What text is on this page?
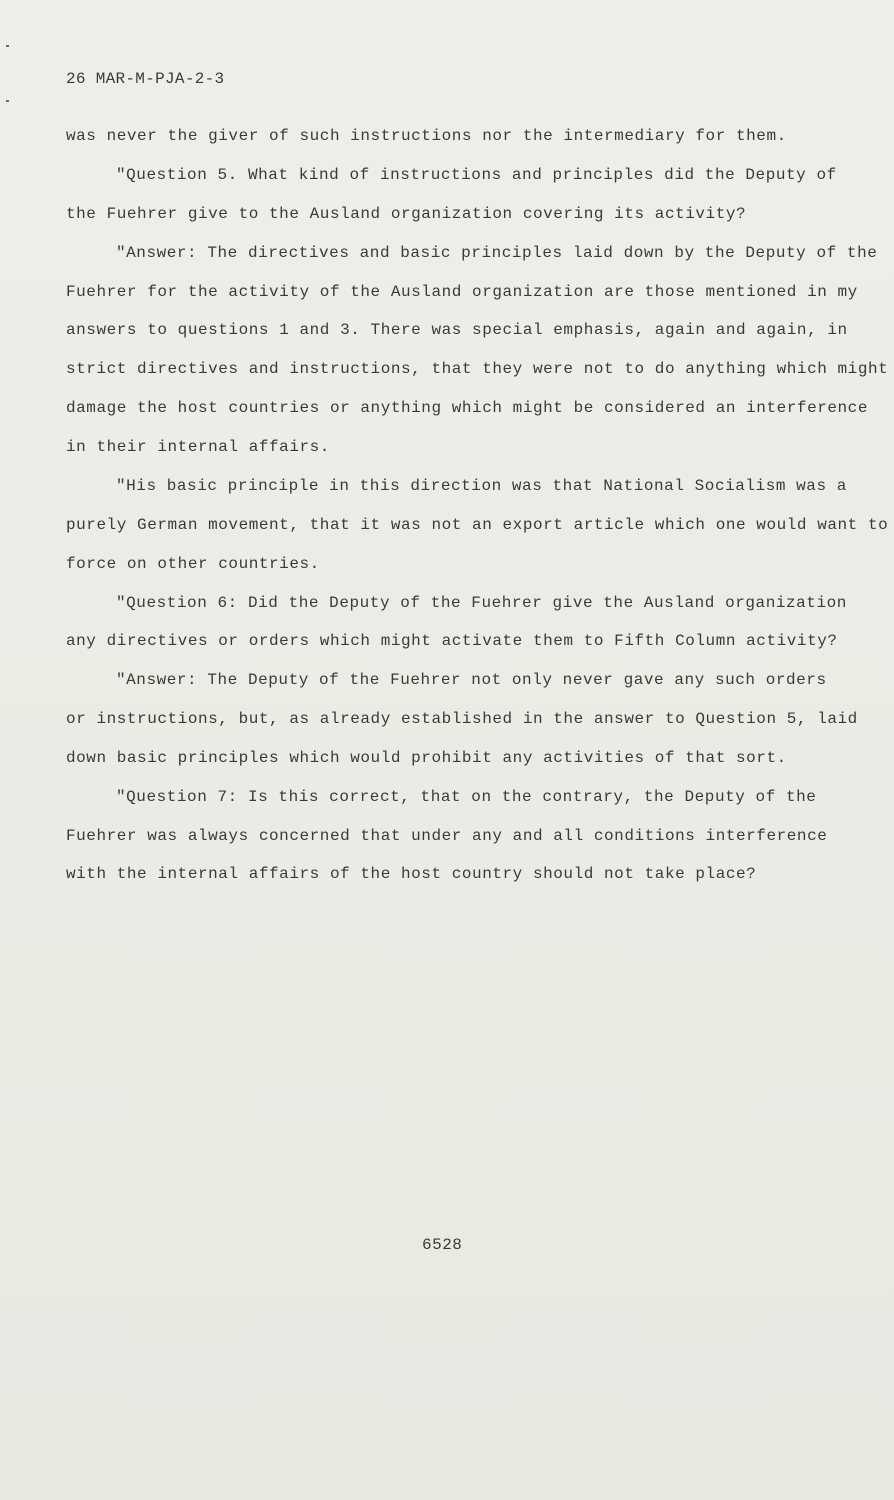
26 MAR-M-PJA-2-3
was never the giver of such instructions nor the intermediary for them.
"Question 5. What kind of instructions and principles did the Deputy of
the Fuehrer give to the Ausland organization covering its activity?
"Answer: The directives and basic principles laid down by the Deputy of the
Fuehrer for the activity of the Ausland organization are those mentioned in my
answers to questions 1 and 3. There was special emphasis, again and again, in
strict directives and instructions, that they were not to do anything which might
damage the host countries or anything which might be considered an interference
in their internal affairs.
"His basic principle in this direction was that National Socialism was a
purely German movement, that it was not an export article which one would want to
force on other countries.
"Question 6: Did the Deputy of the Fuehrer give the Ausland organization
any directives or orders which might activate them to Fifth Column activity?
"Answer: The Deputy of the Fuehrer not only never gave any such orders
or instructions, but, as already established in the answer to Question 5, laid
down basic principles which would prohibit any activities of that sort.
"Question 7: Is this correct, that on the contrary, the Deputy of the
Fuehrer was always concerned that under any and all conditions interference
with the internal affairs of the host country should not take place?
6528
